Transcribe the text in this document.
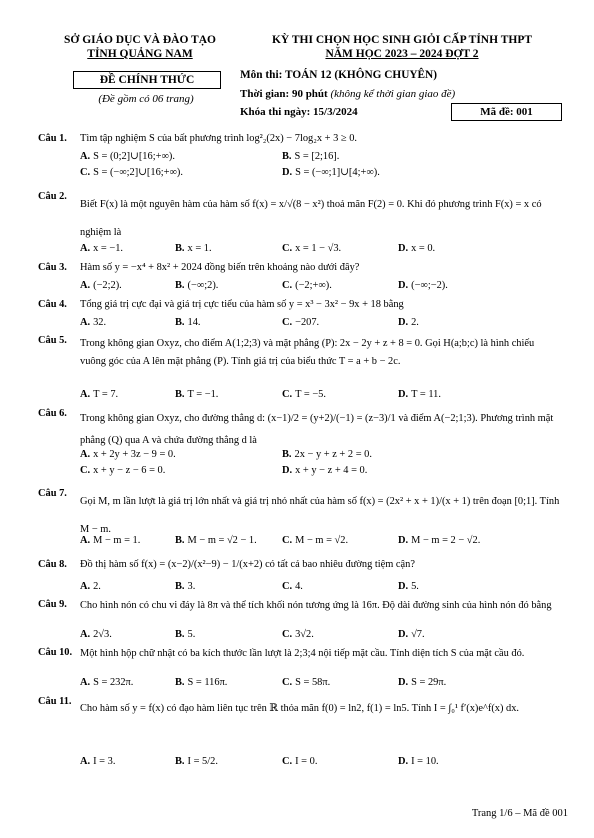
SỞ GIÁO DỤC VÀ ĐÀO TẠO
TỈNH QUẢNG NAM
ĐỀ CHÍNH THỨC
(Đề gồm có 06 trang)
KỲ THI CHỌN HỌC SINH GIỎI CẤP TỈNH THPT
NĂM HỌC 2023 – 2024 ĐỢT 2
Môn thi: TOÁN 12 (KHÔNG CHUYÊN)
Thời gian: 90 phút (không kể thời gian giao đề)
Khóa thi ngày: 15/3/2024	Mã đề: 001
Câu 1. Tìm tập nghiệm S của bất phương trình log²₂(2x) − 7log₂x + 3 ≥ 0.
A. S = (0;2]∪[16;+∞).	B. S = [2;16].
C. S = (−∞;2]∪[16;+∞).	D. S = (−∞;1]∪[4;+∞).
Câu 2.
Biết F(x) là một nguyên hàm của hàm số f(x) = x/√(8 − x²) thoả mãn F(2) = 0. Khi đó phương trình F(x) = x có nghiệm là
A. x = −1.	B. x = 1.	C. x = 1 − √3.	D. x = 0.
Câu 3. Hàm số y = −x⁴ + 8x² + 2024 đồng biến trên khoảng nào dưới đây?
A. (−2;2).	B. (−∞;2).	C. (−2;+∞).	D. (−∞;−2).
Câu 4. Tổng giá trị cực đại và giá trị cực tiểu của hàm số y = x³ − 3x² − 9x + 18 bằng
A. 32.	B. 14.	C. −207.	D. 2.
Câu 5. Trong không gian Oxyz, cho điểm A(1;2;3) và mặt phẳng (P): 2x − 2y + z + 8 = 0. Gọi H(a;b;c) là hình chiếu vuông góc của A lên mặt phẳng (P). Tính giá trị của biểu thức T = a + b − 2c.
A. T = 7.	B. T = −1.	C. T = −5.	D. T = 11.
Câu 6. Trong không gian Oxyz, cho đường thẳng d: (x−1)/2 = (y+2)/(−1) = (z−3)/1 và điểm A(−2;1;3). Phương trình mặt phẳng (Q) qua A và chứa đường thẳng d là
A. x + 2y + 3z − 9 = 0.	B. 2x − y + z + 2 = 0.
C. x + y − z − 6 = 0.	D. x + y − z + 4 = 0.
Câu 7.
Gọi M, m lần lượt là giá trị lớn nhất và giá trị nhỏ nhất của hàm số f(x) = (2x² + x + 1)/(x + 1) trên đoạn [0;1]. Tính M − m.
A. M − m = 1.	B. M − m = √2 − 1. C. M − m = √2.	D. M − m = 2 − √2.
Câu 8. Đồ thị hàm số f(x) = (x−2)/(x²−9) − 1/(x+2) có tất cả bao nhiêu đường tiệm cận?
A. 2.	B. 3.	C. 4.	D. 5.
Câu 9. Cho hình nón có chu vi đáy là 8π và thể tích khối nón tương ứng là 16π. Độ dài đường sinh của hình nón đó bằng
A. 2√3.	B. 5.	C. 3√2.	D. √7.
Câu 10. Một hình hộp chữ nhật có ba kích thước lần lượt là 2;3;4 nội tiếp mặt cầu. Tính diện tích S của mặt cầu đó.
A. S = 232π.	B. S = 116π.	C. S = 58π.	D. S = 29π.
Câu 11.
Cho hàm số y = f(x) có đạo hàm liên tục trên ℝ thỏa mãn f(0) = ln2, f(1) = ln5. Tính I = ∫₀¹ f′(x)e^f(x) dx.
A. I = 3.	B. I = 5/2.	C. I = 0.	D. I = 10.
Trang 1/6 – Mã đề 001
